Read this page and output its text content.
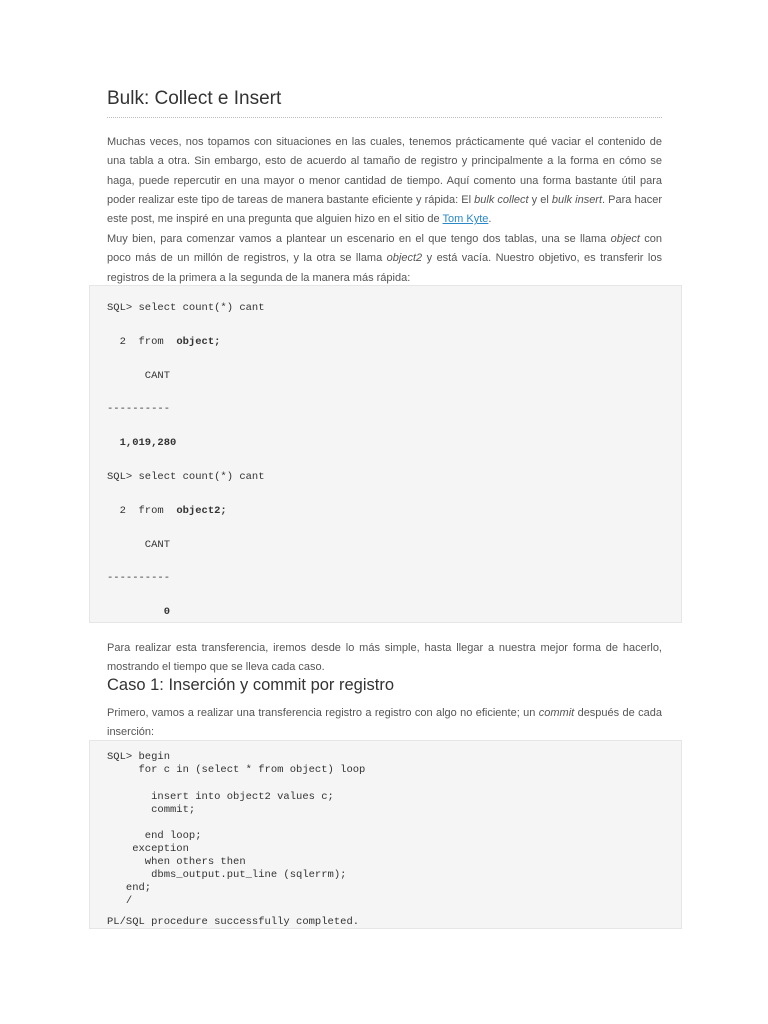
Bulk: Collect e Insert
Muchas veces, nos topamos con situaciones en las cuales, tenemos prácticamente qué vaciar el contenido de una tabla a otra. Sin embargo, esto de acuerdo al tamaño de registro y principalmente a la forma en cómo se haga, puede repercutir en una mayor o menor cantidad de tiempo. Aquí comento una forma bastante útil para poder realizar este tipo de tareas de manera bastante eficiente y rápida: El bulk collect y el bulk insert. Para hacer este post, me inspiré en una pregunta que alguien hizo en el sitio de Tom Kyte.
Muy bien, para comenzar vamos a plantear un escenario en el que tengo dos tablas, una se llama object con poco más de un millón de registros, y la otra se llama object2 y está vacía. Nuestro objetivo, es transferir los registros de la primera a la segunda de la manera más rápida:
SQL> select count(*) cant
2  from  object;
CANT
----------
1,019,280
SQL> select count(*) cant
2  from  object2;
CANT
----------
0
Para realizar esta transferencia, iremos desde lo más simple, hasta llegar a nuestra mejor forma de hacerlo, mostrando el tiempo que se lleva cada caso.
Caso 1: Inserción y commit por registro
Primero, vamos a realizar una transferencia registro a registro con algo no eficiente; un commit después de cada inserción:
SQL> begin
for c in (select * from object) loop
insert into object2 values c;
commit;
end loop;
exception
when others then
dbms_output.put_line (sqlerrm);
end;
/
PL/SQL procedure successfully completed.
